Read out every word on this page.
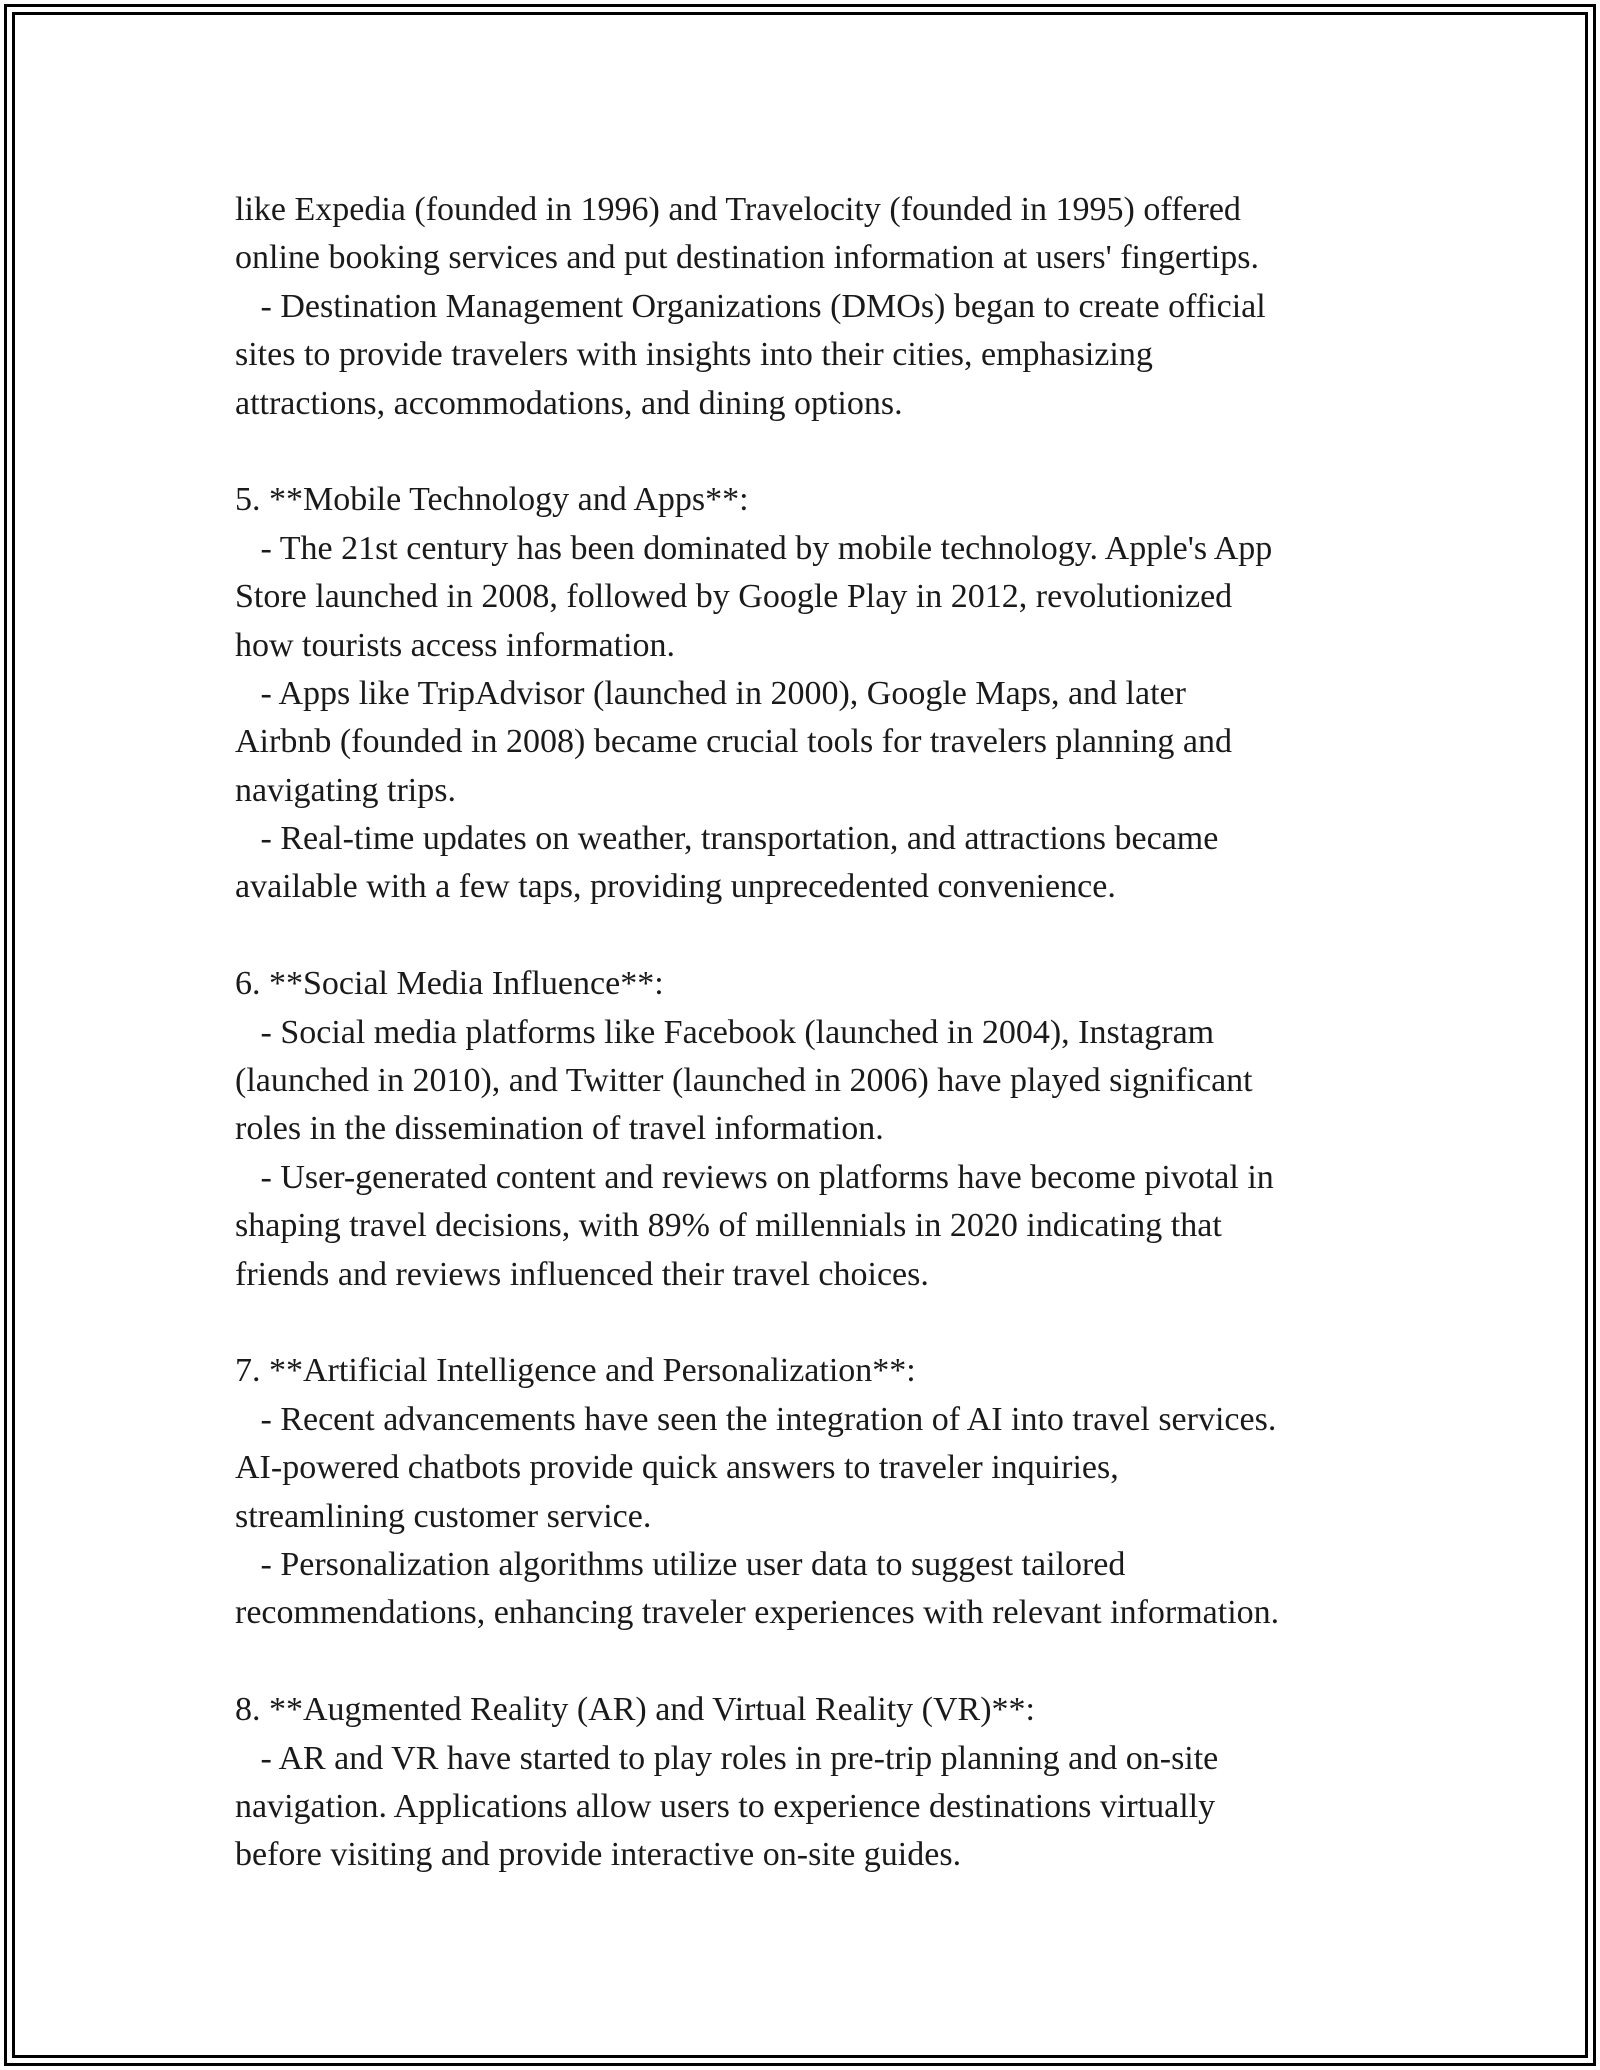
like Expedia (founded in 1996) and Travelocity (founded in 1995) offered
online booking services and put destination information at users' fingertips.
- Destination Management Organizations (DMOs) began to create official
sites to provide travelers with insights into their cities, emphasizing
attractions, accommodations, and dining options.
5. **Mobile Technology and Apps**:
- The 21st century has been dominated by mobile technology. Apple's App
Store launched in 2008, followed by Google Play in 2012, revolutionized
how tourists access information.
- Apps like TripAdvisor (launched in 2000), Google Maps, and later
Airbnb (founded in 2008) became crucial tools for travelers planning and
navigating trips.
- Real-time updates on weather, transportation, and attractions became
available with a few taps, providing unprecedented convenience.
6. **Social Media Influence**:
- Social media platforms like Facebook (launched in 2004), Instagram
(launched in 2010), and Twitter (launched in 2006) have played significant
roles in the dissemination of travel information.
- User-generated content and reviews on platforms have become pivotal in
shaping travel decisions, with 89% of millennials in 2020 indicating that
friends and reviews influenced their travel choices.
7. **Artificial Intelligence and Personalization**:
- Recent advancements have seen the integration of AI into travel services.
AI-powered chatbots provide quick answers to traveler inquiries,
streamlining customer service.
- Personalization algorithms utilize user data to suggest tailored
recommendations, enhancing traveler experiences with relevant information.
8. **Augmented Reality (AR) and Virtual Reality (VR)**:
- AR and VR have started to play roles in pre-trip planning and on-site
navigation. Applications allow users to experience destinations virtually
before visiting and provide interactive on-site guides.
